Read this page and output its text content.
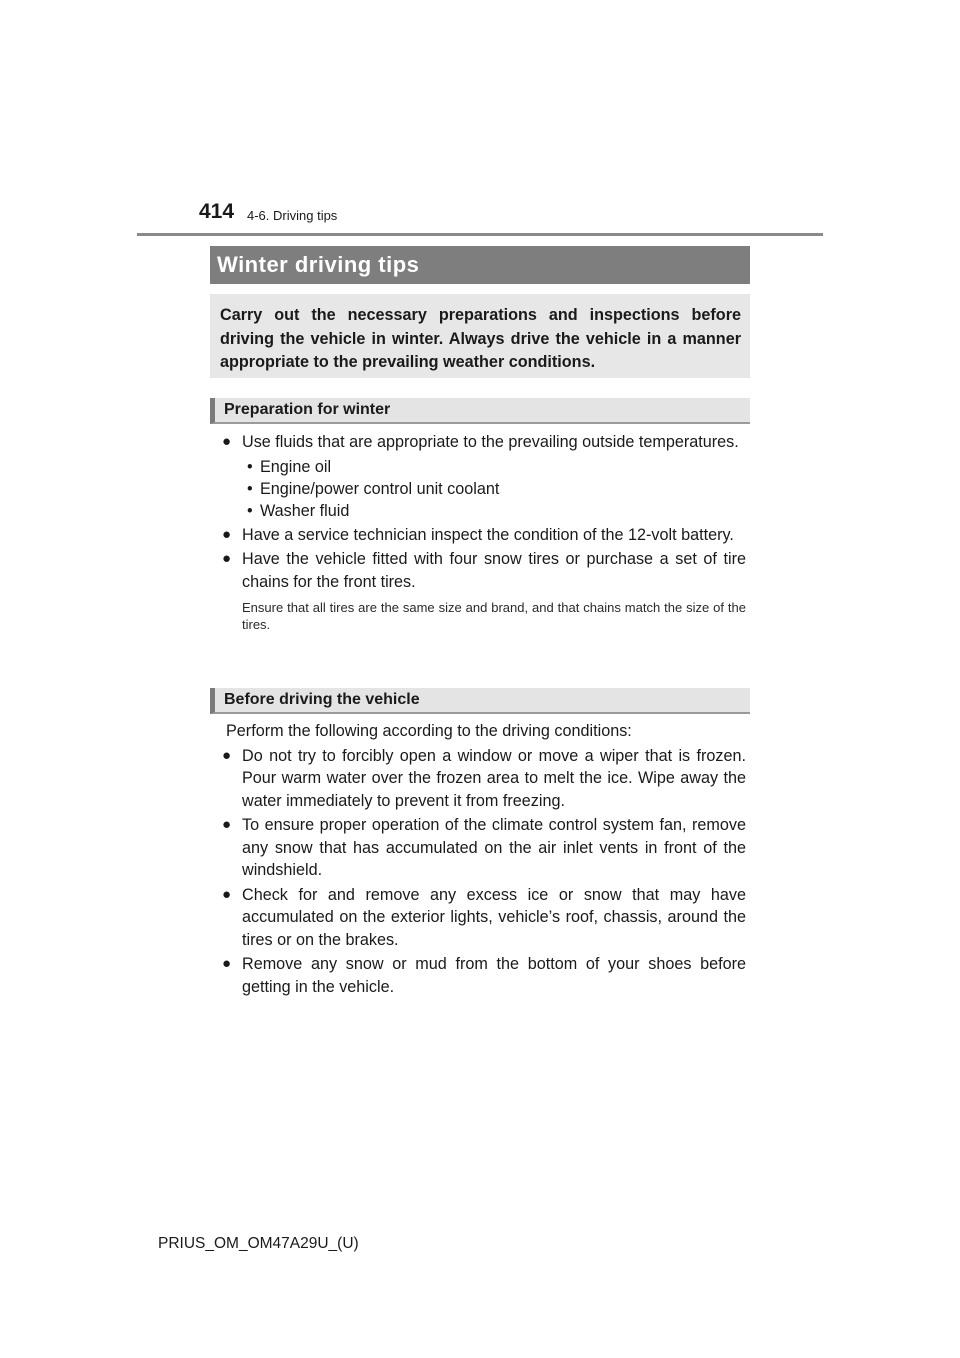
414 4-6. Driving tips
Winter driving tips
Carry out the necessary preparations and inspections before driving the vehicle in winter. Always drive the vehicle in a manner appropriate to the prevailing weather conditions.
Preparation for winter
● Use fluids that are appropriate to the prevailing outside temperatures.
• Engine oil
• Engine/power control unit coolant
• Washer fluid
● Have a service technician inspect the condition of the 12-volt battery.
● Have the vehicle fitted with four snow tires or purchase a set of tire chains for the front tires.
Ensure that all tires are the same size and brand, and that chains match the size of the tires.
Before driving the vehicle
Perform the following according to the driving conditions:
● Do not try to forcibly open a window or move a wiper that is frozen. Pour warm water over the frozen area to melt the ice. Wipe away the water immediately to prevent it from freezing.
● To ensure proper operation of the climate control system fan, remove any snow that has accumulated on the air inlet vents in front of the windshield.
● Check for and remove any excess ice or snow that may have accumulated on the exterior lights, vehicle’s roof, chassis, around the tires or on the brakes.
● Remove any snow or mud from the bottom of your shoes before getting in the vehicle.
PRIUS_OM_OM47A29U_(U)
